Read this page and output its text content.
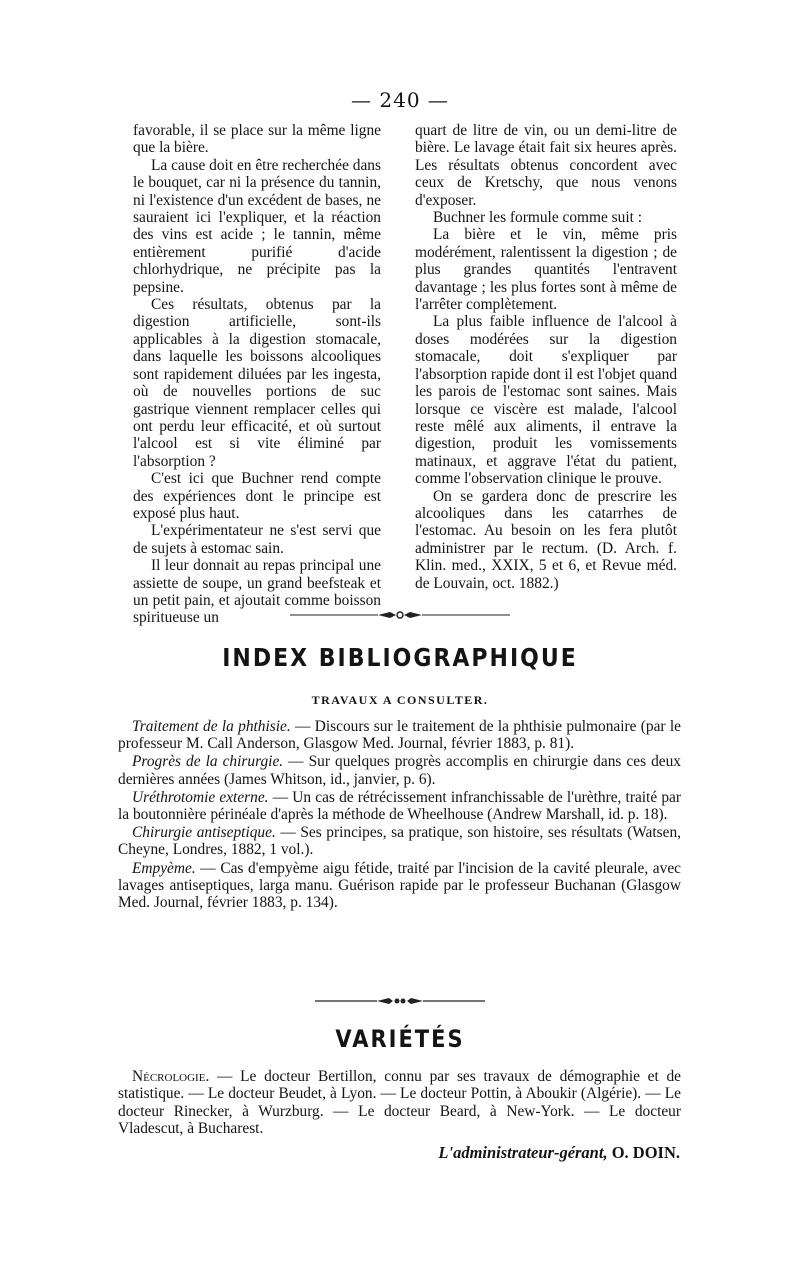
— 240 —

favorable, il se place sur la même ligne que la bière.

La cause doit en être recherchée dans le bouquet, car ni la présence du tannin, ni l'existence d'un excédent de bases, ne sauraient ici l'expliquer, et la réaction des vins est acide ; le tannin, même entièrement purifié d'acide chlorhydrique, ne précipite pas la pepsine.

Ces résultats, obtenus par la digestion artificielle, sont-ils applicables à la digestion stomacale, dans laquelle les boissons alcooliques sont rapidement diluées par les ingesta, où de nouvelles portions de suc gastrique viennent remplacer celles qui ont perdu leur efficacité, et où surtout l'alcool est si vite éliminé par l'absorption ?

C'est ici que Buchner rend compte des expériences dont le principe est exposé plus haut.

L'expérimentateur ne s'est servi que de sujets à estomac sain.

Il leur donnait au repas principal une assiette de soupe, un grand beefsteak et un petit pain, et ajoutait comme boisson spiritueuse un

quart de litre de vin, ou un demi-litre de bière. Le lavage était fait six heures après. Les résultats obtenus concordent avec ceux de Kretschy, que nous venons d'exposer.

Buchner les formule comme suit :

La bière et le vin, même pris modérément, ralentissent la digestion ; de plus grandes quantités l'entravent davantage ; les plus fortes sont à même de l'arrêter complètement.

La plus faible influence de l'alcool à doses modérées sur la digestion stomacale, doit s'expliquer par l'absorption rapide dont il est l'objet quand les parois de l'estomac sont saines. Mais lorsque ce viscère est malade, l'alcool reste mêlé aux aliments, il entrave la digestion, produit les vomissements matinaux, et aggrave l'état du patient, comme l'observation clinique le prouve.

On se gardera donc de prescrire les alcooliques dans les catarrhes de l'estomac. Au besoin on les fera plutôt administrer par le rectum. (D. Arch. f. Klin. med., XXIX, 5 et 6, et Revue méd. de Louvain, oct. 1882.)

INDEX BIBLIOGRAPHIQUE
TRAVAUX A CONSULTER.

Traitement de la phthisie. — Discours sur le traitement de la phthisie pulmonaire (par le professeur M. Call Anderson, Glasgow Med. Journal, février 1883, p. 81).

Progrès de la chirurgie. — Sur quelques progrès accomplis en chirurgie dans ces deux dernières années (James Whitson, id., janvier, p. 6).

Uréthrotomie externe. — Un cas de rétrécissement infranchissable de l'urèthre, traité par la boutonnière périnéale d'après la méthode de Wheelhouse (Andrew Marshall, id. p. 18).

Chirurgie antiseptique. — Ses principes, sa pratique, son histoire, ses résultats (Watsen, Cheyne, Londres, 1882, 1 vol.).

Empyème. — Cas d'empyème aigu fétide, traité par l'incision de la cavité pleurale, avec lavages antiseptiques, larga manu. Guérison rapide par le professeur Buchanan (Glasgow Med. Journal, février 1883, p. 134).

VARIÉTÉS

Nécrologie. — Le docteur Bertillon, connu par ses travaux de démographie et de statistique. — Le docteur Beudet, à Lyon. — Le docteur Pottin, à Aboukir (Algérie). — Le docteur Rinecker, à Wurzburg. — Le docteur Beard, à New-York. — Le docteur Vladescut, à Bucharest.

L'administrateur-gérant, O. DOIN.
